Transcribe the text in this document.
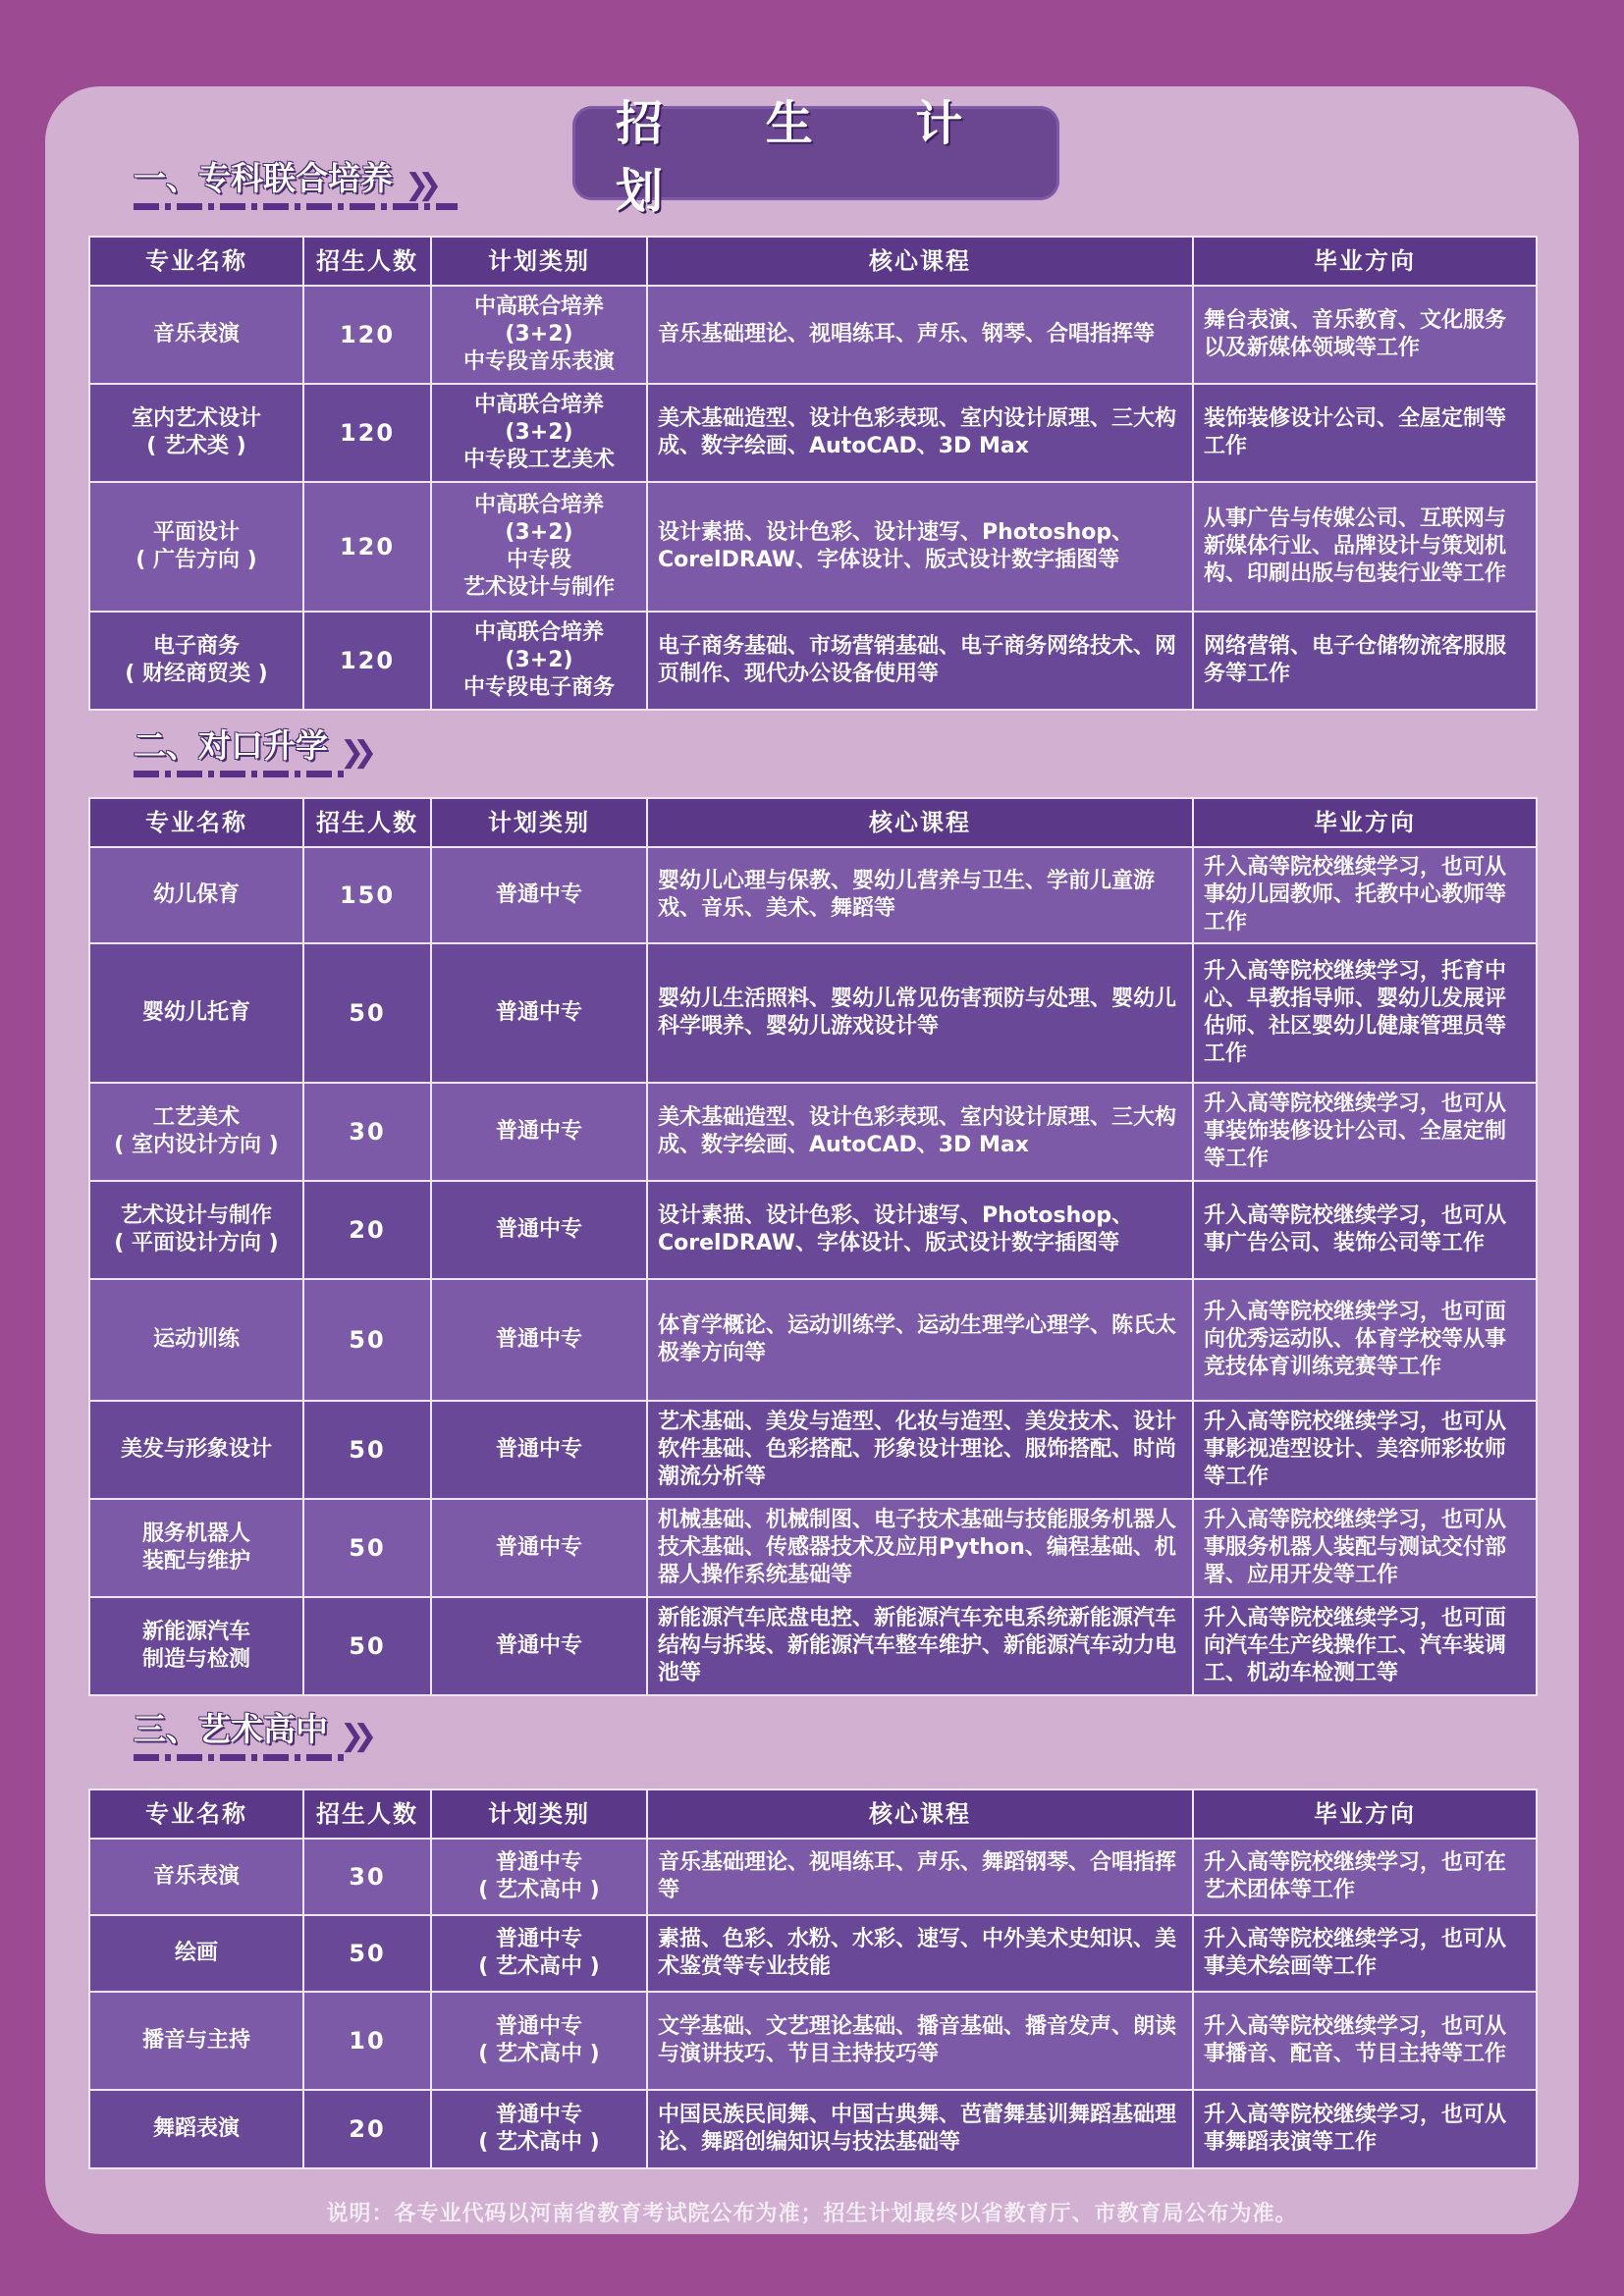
招 生 计 划
一、专科联合培养 ❯❯
专业名称	招生人数	计划类别	核心课程	毕业方向
音乐表演	120	中高联合培养
(3+2)
中专段音乐表演	音乐基础理论、视唱练耳、声乐、钢琴、合唱指挥等	舞台表演、音乐教育、文化服务以及新媒体领域等工作
室内艺术设计
( 艺术类 )	120	中高联合培养
(3+2)
中专段工艺美术	美术基础造型、设计色彩表现、室内设计原理、三大构成、数字绘画、AutoCAD、3D Max	装饰装修设计公司、全屋定制等工作
平面设计
( 广告方向 )	120	中高联合培养
(3+2)
中专段
艺术设计与制作	设计素描、设计色彩、设计速写、Photoshop、CorelDRAW、字体设计、版式设计数字插图等	从事广告与传媒公司、互联网与新媒体行业、品牌设计与策划机构、印刷出版与包装行业等工作
电子商务
( 财经商贸类 )	120	中高联合培养
(3+2)
中专段电子商务	电子商务基础、市场营销基础、电子商务网络技术、网页制作、现代办公设备使用等	网络营销、电子仓储物流客服服务等工作
二、对口升学 ❯❯
专业名称	招生人数	计划类别	核心课程	毕业方向
幼儿保育	150	普通中专	婴幼儿心理与保教、婴幼儿营养与卫生、学前儿童游戏、音乐、美术、舞蹈等	升入高等院校继续学习，也可从事幼儿园教师、托教中心教师等工作
婴幼儿托育	50	普通中专	婴幼儿生活照料、婴幼儿常见伤害预防与处理、婴幼儿科学喂养、婴幼儿游戏设计等	升入高等院校继续学习，托育中心、早教指导师、婴幼儿发展评估师、社区婴幼儿健康管理员等工作
工艺美术
( 室内设计方向 )	30	普通中专	美术基础造型、设计色彩表现、室内设计原理、三大构成、数字绘画、AutoCAD、3D Max	升入高等院校继续学习，也可从事装饰装修设计公司、全屋定制等工作
艺术设计与制作
( 平面设计方向 )	20	普通中专	设计素描、设计色彩、设计速写、Photoshop、CorelDRAW、字体设计、版式设计数字插图等	升入高等院校继续学习，也可从事广告公司、装饰公司等工作
运动训练	50	普通中专	体育学概论、运动训练学、运动生理学心理学、陈氏太极拳方向等	升入高等院校继续学习，也可面向优秀运动队、体育学校等从事竞技体育训练竞赛等工作
美发与形象设计	50	普通中专	艺术基础、美发与造型、化妆与造型、美发技术、设计软件基础、色彩搭配、形象设计理论、服饰搭配、时尚潮流分析等	升入高等院校继续学习，也可从事影视造型设计、美容师彩妆师等工作
服务机器人
装配与维护	50	普通中专	机械基础、机械制图、电子技术基础与技能服务机器人技术基础、传感器技术及应用Python、编程基础、机器人操作系统基础等	升入高等院校继续学习，也可从事服务机器人装配与测试交付部署、应用开发等工作
新能源汽车
制造与检测	50	普通中专	新能源汽车底盘电控、新能源汽车充电系统新能源汽车结构与拆装、新能源汽车整车维护、新能源汽车动力电池等	升入高等院校继续学习，也可面向汽车生产线操作工、汽车装调工、机动车检测工等
三、艺术高中 ❯❯
专业名称	招生人数	计划类别	核心课程	毕业方向
音乐表演	30	普通中专
( 艺术高中 )	音乐基础理论、视唱练耳、声乐、舞蹈钢琴、合唱指挥等	升入高等院校继续学习，也可在艺术团体等工作
绘画	50	普通中专
( 艺术高中 )	素描、色彩、水粉、水彩、速写、中外美术史知识、美术鉴赏等专业技能	升入高等院校继续学习，也可从事美术绘画等工作
播音与主持	10	普通中专
( 艺术高中 )	文学基础、文艺理论基础、播音基础、播音发声、朗读与演讲技巧、节目主持技巧等	升入高等院校继续学习，也可从事播音、配音、节目主持等工作
舞蹈表演	20	普通中专
( 艺术高中 )	中国民族民间舞、中国古典舞、芭蕾舞基训舞蹈基础理论、舞蹈创编知识与技法基础等	升入高等院校继续学习，也可从事舞蹈表演等工作
说明：各专业代码以河南省教育考试院公布为准；招生计划最终以省教育厅、市教育局公布为准。
